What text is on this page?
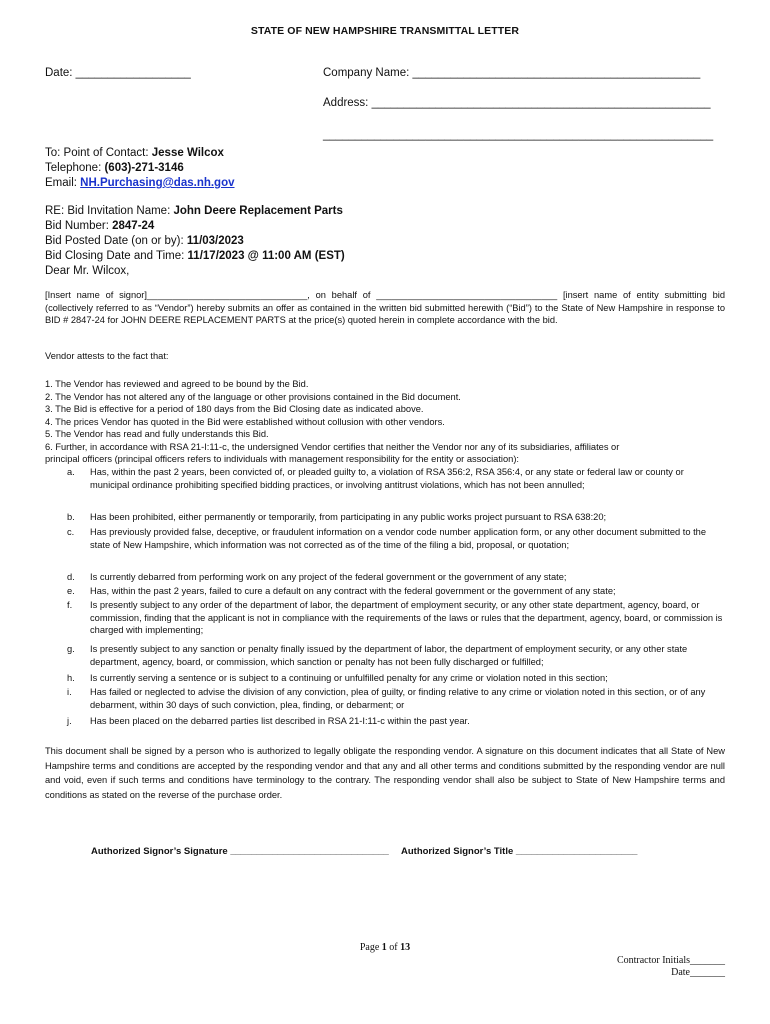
STATE OF NEW HAMPSHIRE TRANSMITTAL LETTER
Date: __________________	Company Name: _____________________________________________
Address: _____________________________________________________
_____________________________________________________________
To: Point of Contact: Jesse Wilcox
Telephone: (603)-271-3146
Email: NH.Purchasing@das.nh.gov
RE: Bid Invitation Name: John Deere Replacement Parts
Bid Number: 2847-24
Bid Posted Date (on or by): 11/03/2023
Bid Closing Date and Time: 11/17/2023 @ 11:00 AM (EST)
Dear Mr. Wilcox,
[Insert name of signor]_______________________________, on behalf of ___________________________________ [insert name of entity submitting bid (collectively referred to as “Vendor”) hereby submits an offer as contained in the written bid submitted herewith (“Bid”) to the State of New Hampshire in response to BID # 2847-24 for JOHN DEERE REPLACEMENT PARTS at the price(s) quoted herein in complete accordance with the bid.
Vendor attests to the fact that:
1. The Vendor has reviewed and agreed to be bound by the Bid.
2. The Vendor has not altered any of the language or other provisions contained in the Bid document.
3. The Bid is effective for a period of 180 days from the Bid Closing date as indicated above.
4. The prices Vendor has quoted in the Bid were established without collusion with other vendors.
5. The Vendor has read and fully understands this Bid.
6. Further, in accordance with RSA 21-I:11-c, the undersigned Vendor certifies that neither the Vendor nor any of its subsidiaries, affiliates or
principal officers (principal officers refers to individuals with management responsibility for the entity or association):
a. Has, within the past 2 years, been convicted of, or pleaded guilty to, a violation of RSA 356:2, RSA 356:4, or any state or federal law or county or municipal ordinance prohibiting specified bidding practices, or involving antitrust violations, which has not been annulled;
b. Has been prohibited, either permanently or temporarily, from participating in any public works project pursuant to RSA 638:20;
c. Has previously provided false, deceptive, or fraudulent information on a vendor code number application form, or any other document submitted to the state of New Hampshire, which information was not corrected as of the time of the filing a bid, proposal, or quotation;
d. Is currently debarred from performing work on any project of the federal government or the government of any state;
e. Has, within the past 2 years, failed to cure a default on any contract with the federal government or the government of any state;
f. Is presently subject to any order of the department of labor, the department of employment security, or any other state department, agency, board, or commission, finding that the applicant is not in compliance with the requirements of the laws or rules that the department, agency, board, or commission is charged with implementing;
g. Is presently subject to any sanction or penalty finally issued by the department of labor, the department of employment security, or any other state department, agency, board, or commission, which sanction or penalty has not been fully discharged or fulfilled;
h. Is currently serving a sentence or is subject to a continuing or unfulfilled penalty for any crime or violation noted in this section;
i. Has failed or neglected to advise the division of any conviction, plea of guilty, or finding relative to any crime or violation noted in this section, or of any debarment, within 30 days of such conviction, plea, finding, or debarment; or
j. Has been placed on the debarred parties list described in RSA 21-I:11-c within the past year.
This document shall be signed by a person who is authorized to legally obligate the responding vendor. A signature on this document indicates that all State of New Hampshire terms and conditions are accepted by the responding vendor and that any and all other terms and conditions submitted by the responding vendor are null and void, even if such terms and conditions have terminology to the contrary. The responding vendor shall also be subject to State of New Hampshire terms and conditions as stated on the reverse of the purchase order.
Authorized Signor’s Signature ______________________________ Authorized Signor’s Title _______________________
Page 1 of 13
Contractor Initials_______
Date_______
